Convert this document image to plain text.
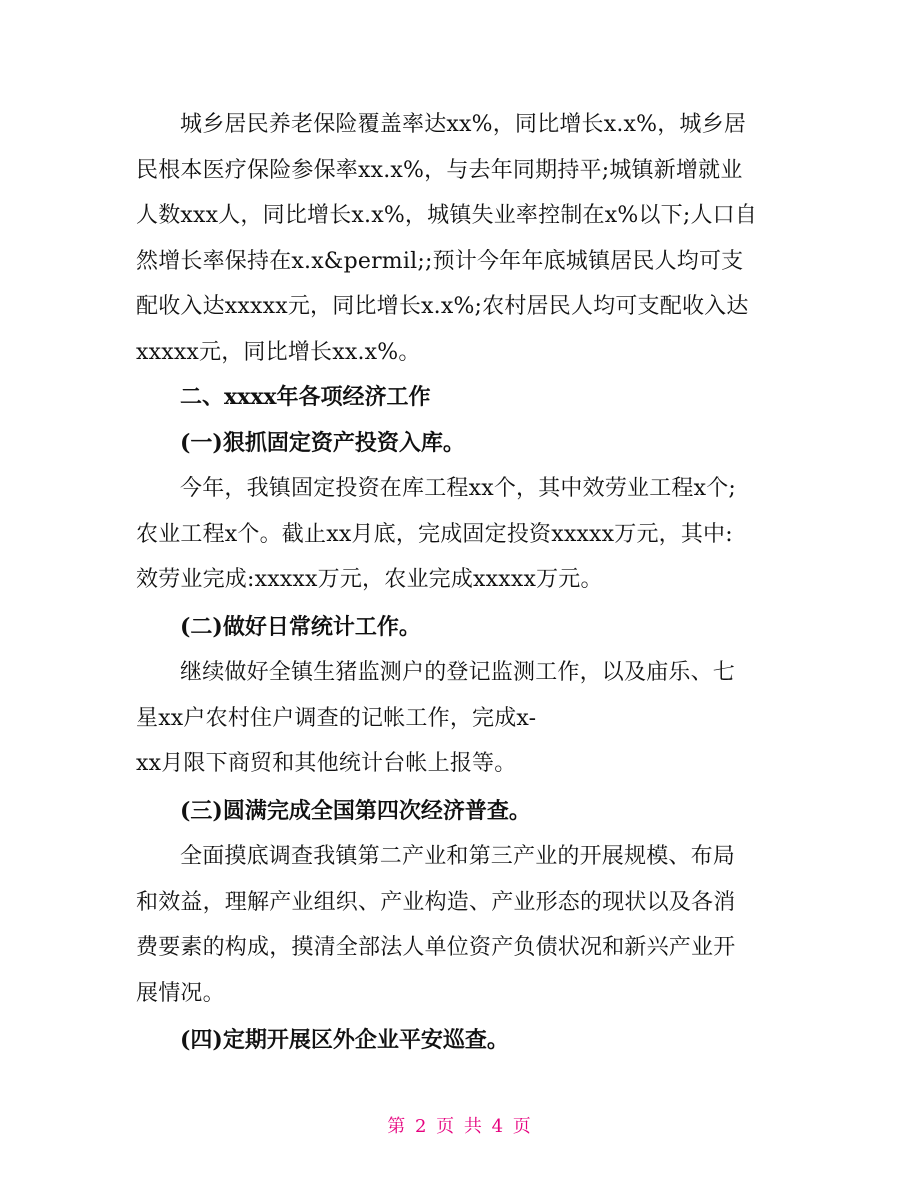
城乡居民养老保险覆盖率达xx%，同比增长x.x%，城乡居
民根本医疗保险参保率xx.x%，与去年同期持平;城镇新增就业
人数xxx人，同比增长x.x%，城镇失业率控制在x%以下;人口自
然增长率保持在x.x&permil;;预计今年年底城镇居民人均可支
配收入达xxxxx元，同比增长x.x%;农村居民人均可支配收入达
xxxxx元，同比增长xx.x%。

二、xxxx年各项经济工作

(一)狠抓固定资产投资入库。

今年，我镇固定投资在库工程xx个，其中效劳业工程x个;
农业工程x个。截止xx月底，完成固定投资xxxxx万元，其中:
效劳业完成:xxxxx万元，农业完成xxxxx万元。

(二)做好日常统计工作。

继续做好全镇生猪监测户的登记监测工作，以及庙乐、七
星xx户农村住户调查的记帐工作，完成x-
xx月限下商贸和其他统计台帐上报等。

(三)圆满完成全国第四次经济普查。

全面摸底调查我镇第二产业和第三产业的开展规模、布局
和效益，理解产业组织、产业构造、产业形态的现状以及各消
费要素的构成，摸清全部法人单位资产负债状况和新兴产业开
展情况。

(四)定期开展区外企业平安巡查。

第 2 页 共 4 页
